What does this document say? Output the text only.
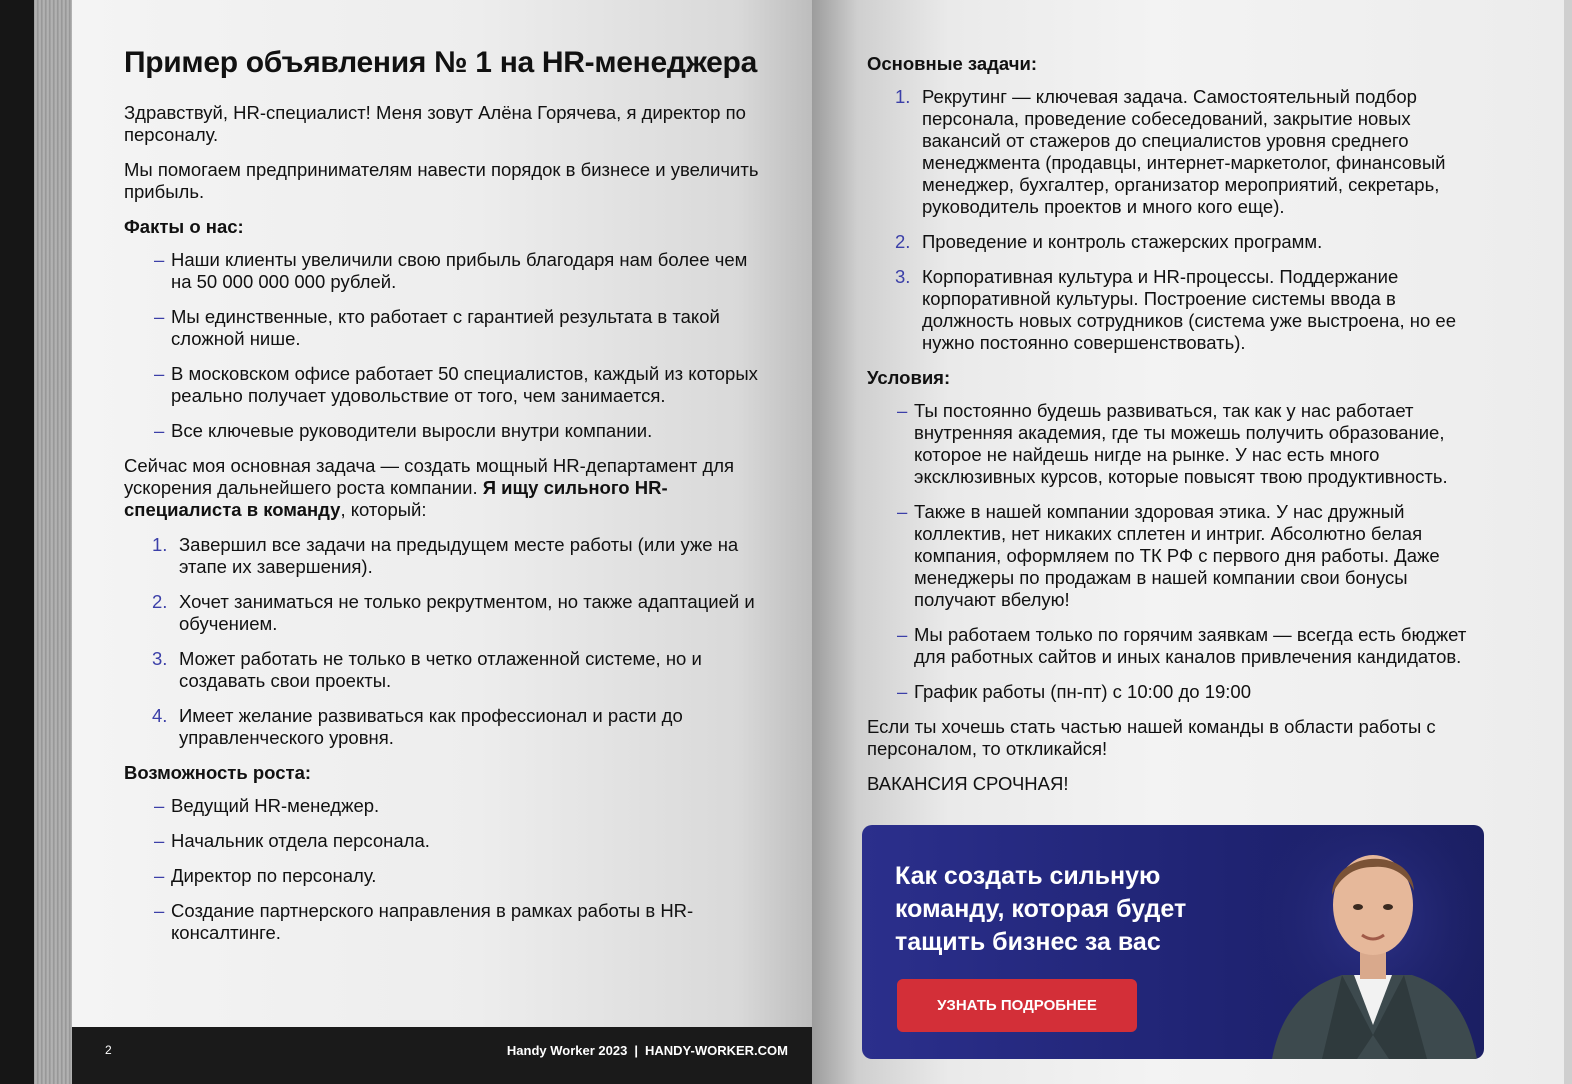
Пример объявления № 1 на HR-менеджера

Здравствуй, HR-специалист! Меня зовут Алёна Горячева, я директор по персоналу.

Мы помогаем предпринимателям навести порядок в бизнесе и увеличить прибыль.

Факты о нас:
– Наши клиенты увеличили свою прибыль благодаря нам более чем на 50 000 000 000 рублей.
– Мы единственные, кто работает с гарантией результата в такой сложной нише.
– В московском офисе работает 50 специалистов, каждый из которых реально получает удовольствие от того, чем занимается.
– Все ключевые руководители выросли внутри компании.

Сейчас моя основная задача — создать мощный HR-департамент для ускорения дальнейшего роста компании. Я ищу сильного HR-специалиста в команду, который:

1. Завершил все задачи на предыдущем месте работы (или уже на этапе их завершения).
2. Хочет заниматься не только рекрутментом, но также адаптацией и обучением.
3. Может работать не только в четко отлаженной системе, но и создавать свои проекты.
4. Имеет желание развиваться как профессионал и расти до управленческого уровня.
Возможность роста:
– Ведущий HR-менеджер.
– Начальник отдела персонала.
– Директор по персоналу.
– Создание партнерского направления в рамках работы в HR-консалтинге.
2	Handy Worker 2023 | HANDY-WORKER.COM
Основные задачи:
1. Рекрутинг — ключевая задача. Самостоятельный подбор персонала, проведение собеседований, закрытие новых вакансий от стажеров до специалистов уровня среднего менеджмента (продавцы, интернет-маркетолог, финансовый менеджер, бухгалтер, организатор мероприятий, секретарь, руководитель проектов и много кого еще).
2. Проведение и контроль стажерских программ.
3. Корпоративная культура и HR-процессы. Поддержание корпоративной культуры. Построение системы ввода в должность новых сотрудников (система уже выстроена, но ее нужно постоянно совершенствовать).
Условия:
– Ты постоянно будешь развиваться, так как у нас работает внутренняя академия, где ты можешь получить образование, которое не найдешь нигде на рынке. У нас есть много эксклюзивных курсов, которые повысят твою продуктивность.
– Также в нашей компании здоровая этика. У нас дружный коллектив, нет никаких сплетен и интриг. Абсолютно белая компания, оформляем по ТК РФ с первого дня работы. Даже менеджеры по продажам в нашей компании свои бонусы получают вбелую!
– Мы работаем только по горячим заявкам — всегда есть бюджет для работных сайтов и иных каналов привлечения кандидатов.
– График работы (пн-пт) с 10:00 до 19:00

Если ты хочешь стать частью нашей команды в области работы с персоналом, то откликайся!

ВАКАНСИЯ СРОЧНАЯ!

Как создать сильную команду, которая будет тащить бизнес за вас
УЗНАТЬ ПОДРОБНЕЕ
